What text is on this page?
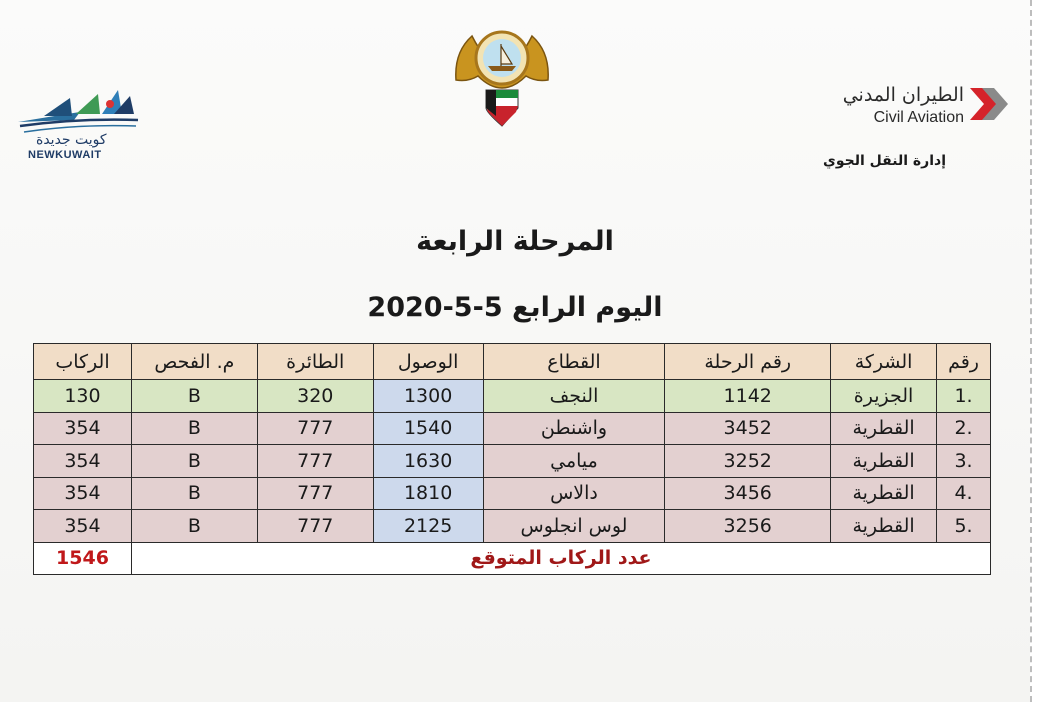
كويت جديدة
NEWKUWAIT
الطيران المدني
Civil Aviation
إدارة النقل الجوي
المرحلة الرابعة
اليوم الرابع 5-5-2020
رقم	الشركة	رقم الرحلة	القطاع	الوصول	الطائرة	م. الفحص	الركاب
1.	الجزيرة	1142	النجف	1300	320	B	130
2.	القطرية	3452	واشنطن	1540	777	B	354
3.	القطرية	3252	ميامي	1630	777	B	354
4.	القطرية	3456	دالاس	1810	777	B	354
5.	القطرية	3256	لوس انجلوس	2125	777	B	354
عدد الركاب المتوقع							1546
